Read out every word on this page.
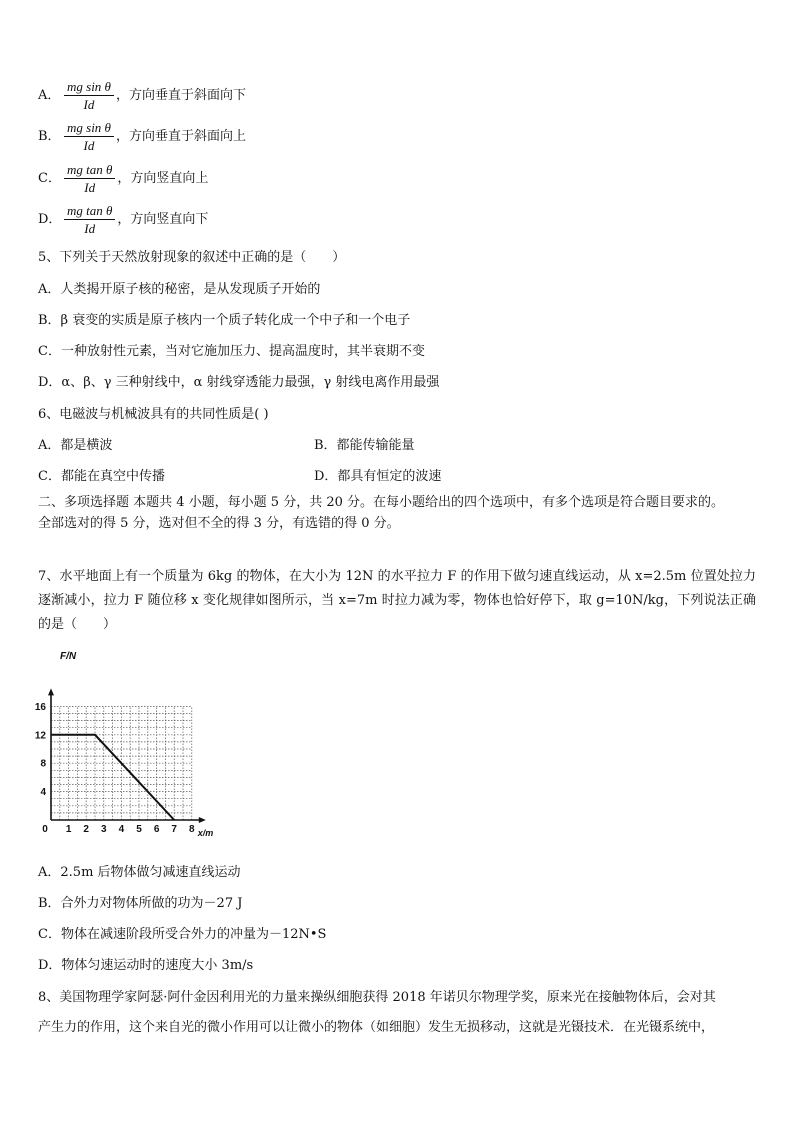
A． $\frac{\text{mg sin θ}}{Id}$ ，方向垂直于斜面向下
B． $\frac{\text{mg sin θ}}{Id}$ ，方向垂直于斜面向上
C． $\frac{\text{mg tan θ}}{Id}$ ，方向竖直向上
D． $\frac{\text{mg tan θ}}{Id}$ ，方向竖直向下
5、下列关于天然放射现象的叙述中正确的是（　　）
A．人类揭开原子核的秘密，是从发现质子开始的
B．β 衰变的实质是原子核内一个质子转化成一个中子和一个电子
C．一种放射性元素，当对它施加压力、提高温度时，其半衰期不变
D．α、β、γ 三种射线中，α 射线穿透能力最强，γ 射线电离作用最强
6、电磁波与机械波具有的共同性质是( )
A．都是横波	B．都能传输能量
C．都能在真空中传播	D．都具有恒定的波速
二、多项选择题 本题共 4 小题，每小题 5 分，共 20 分。在每小题给出的四个选项中，有多个选项是符合题目要求的。
全部选对的得 5 分，选对但不全的得 3 分，有选错的得 0 分。
7、水平地面上有一个质量为 6kg 的物体，在大小为 12N 的水平拉力 F 的作用下做匀速直线运动，从 x=2.5m 位置处拉力逐渐减小，拉力 F 随位移 x 变化规律如图所示，当 x=7m 时拉力减为零，物体也恰好停下，取 g=10N/kg，下列说法正确的是（　　）
0 1 2 3 4 5 6 7 8
4
8
12
16
F/N
x/m
A．2.5m 后物体做匀减速直线运动
B．合外力对物体所做的功为－27 J
C．物体在减速阶段所受合外力的冲量为－12N•S
D．物体匀速运动时的速度大小 3m/s
8、美国物理学家阿瑟·阿什金因利用光的力量来操纵细胞获得 2018 年诺贝尔物理学奖，原来光在接触物体后，会对其
产生力的作用，这个来自光的微小作用可以让微小的物体（如细胞）发生无损移动，这就是光镊技术．在光镊系统中，
